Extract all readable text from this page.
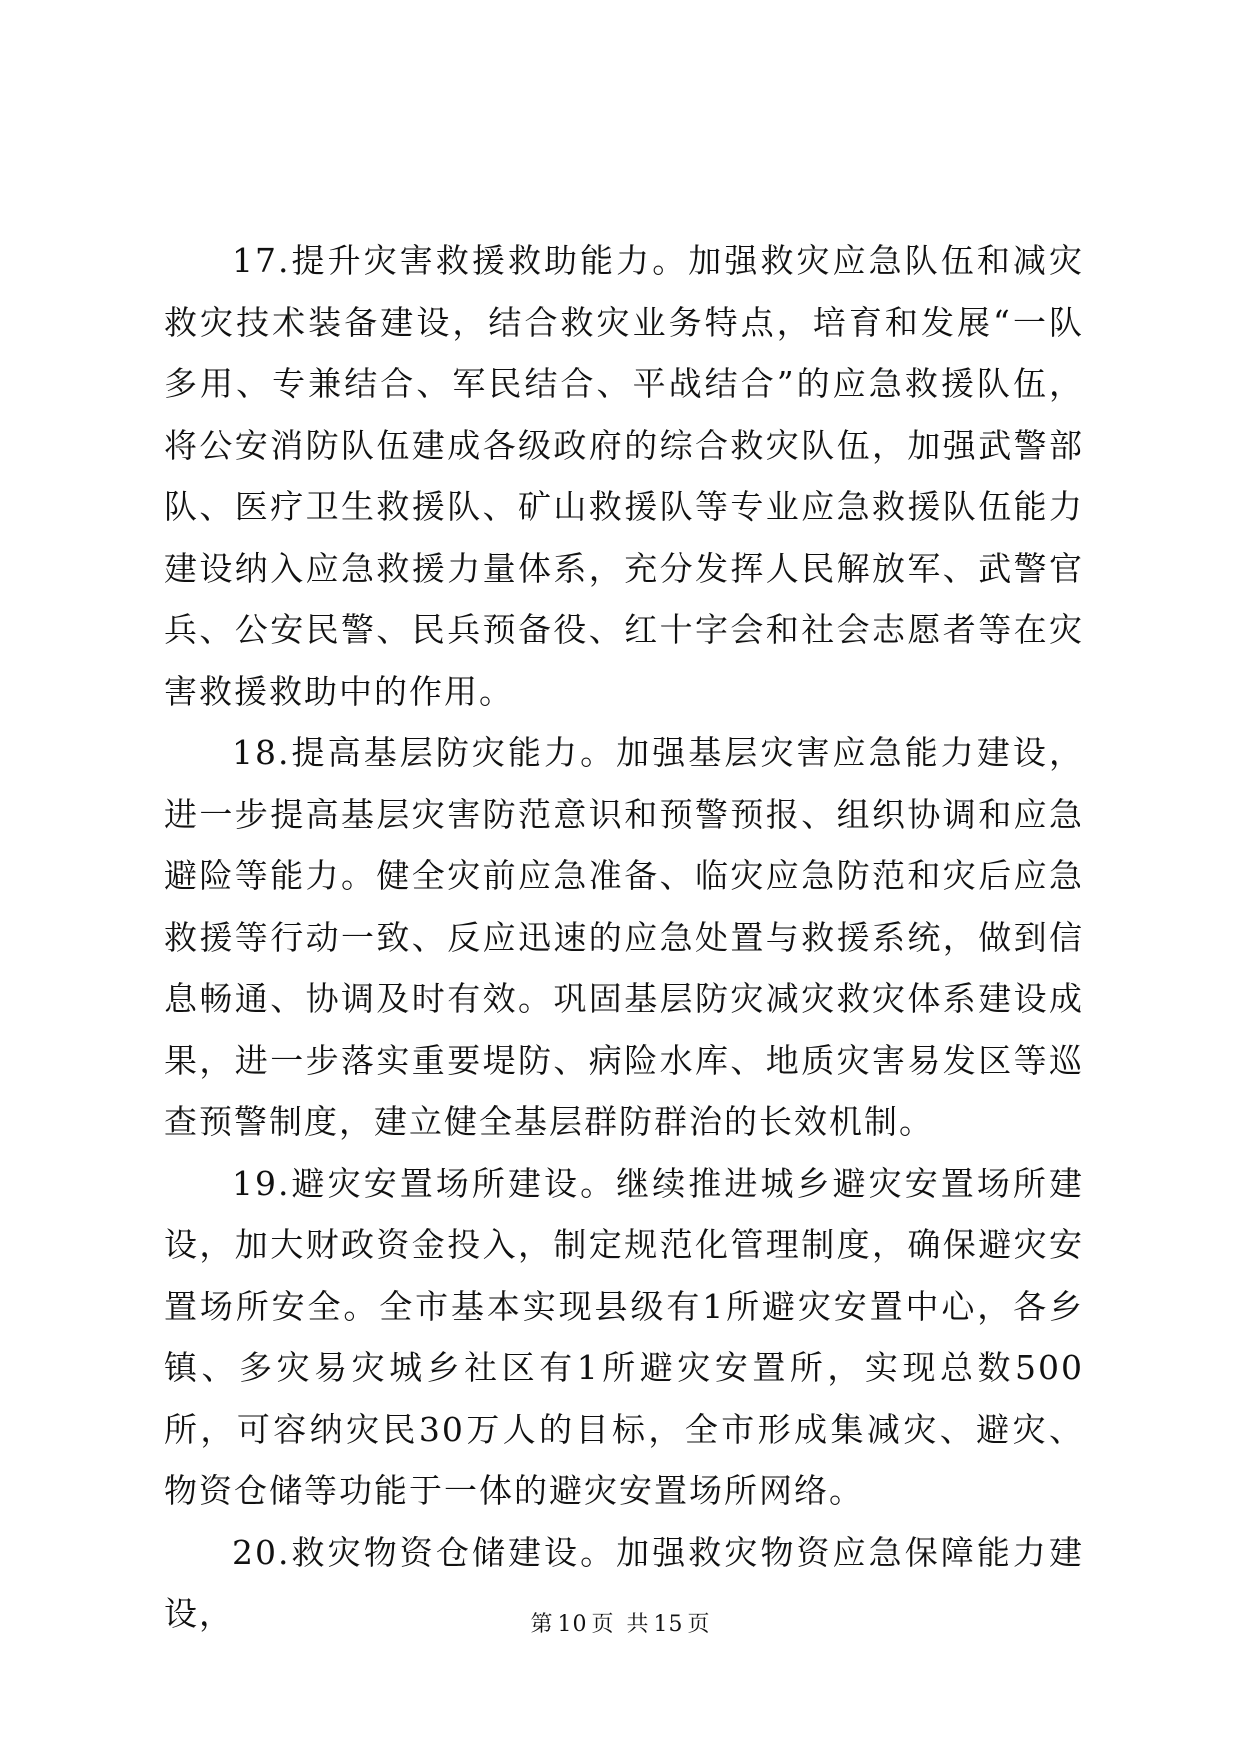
17.提升灾害救援救助能力。加强救灾应急队伍和减灾救灾技术装备建设，结合救灾业务特点，培育和发展“一队多用、专兼结合、军民结合、平战结合”的应急救援队伍，将公安消防队伍建成各级政府的综合救灾队伍，加强武警部队、医疗卫生救援队、矿山救援队等专业应急救援队伍能力建设纳入应急救援力量体系，充分发挥人民解放军、武警官兵、公安民警、民兵预备役、红十字会和社会志愿者等在灾害救援救助中的作用。

18.提高基层防灾能力。加强基层灾害应急能力建设，进一步提高基层灾害防范意识和预警预报、组织协调和应急避险等能力。健全灾前应急准备、临灾应急防范和灾后应急救援等行动一致、反应迅速的应急处置与救援系统，做到信息畅通、协调及时有效。巩固基层防灾减灾救灾体系建设成果，进一步落实重要堤防、病险水库、地质灾害易发区等巡查预警制度，建立健全基层群防群治的长效机制。

19.避灾安置场所建设。继续推进城乡避灾安置场所建设，加大财政资金投入，制定规范化管理制度，确保避灾安置场所安全。全市基本实现县级有1所避灾安置中心，各乡镇、多灾易灾城乡社区有1所避灾安置所，实现总数500所，可容纳灾民30万人的目标，全市形成集减灾、避灾、物资仓储等功能于一体的避灾安置场所网络。

20.救灾物资仓储建设。加强救灾物资应急保障能力建设，	第 10 页 共 15 页
